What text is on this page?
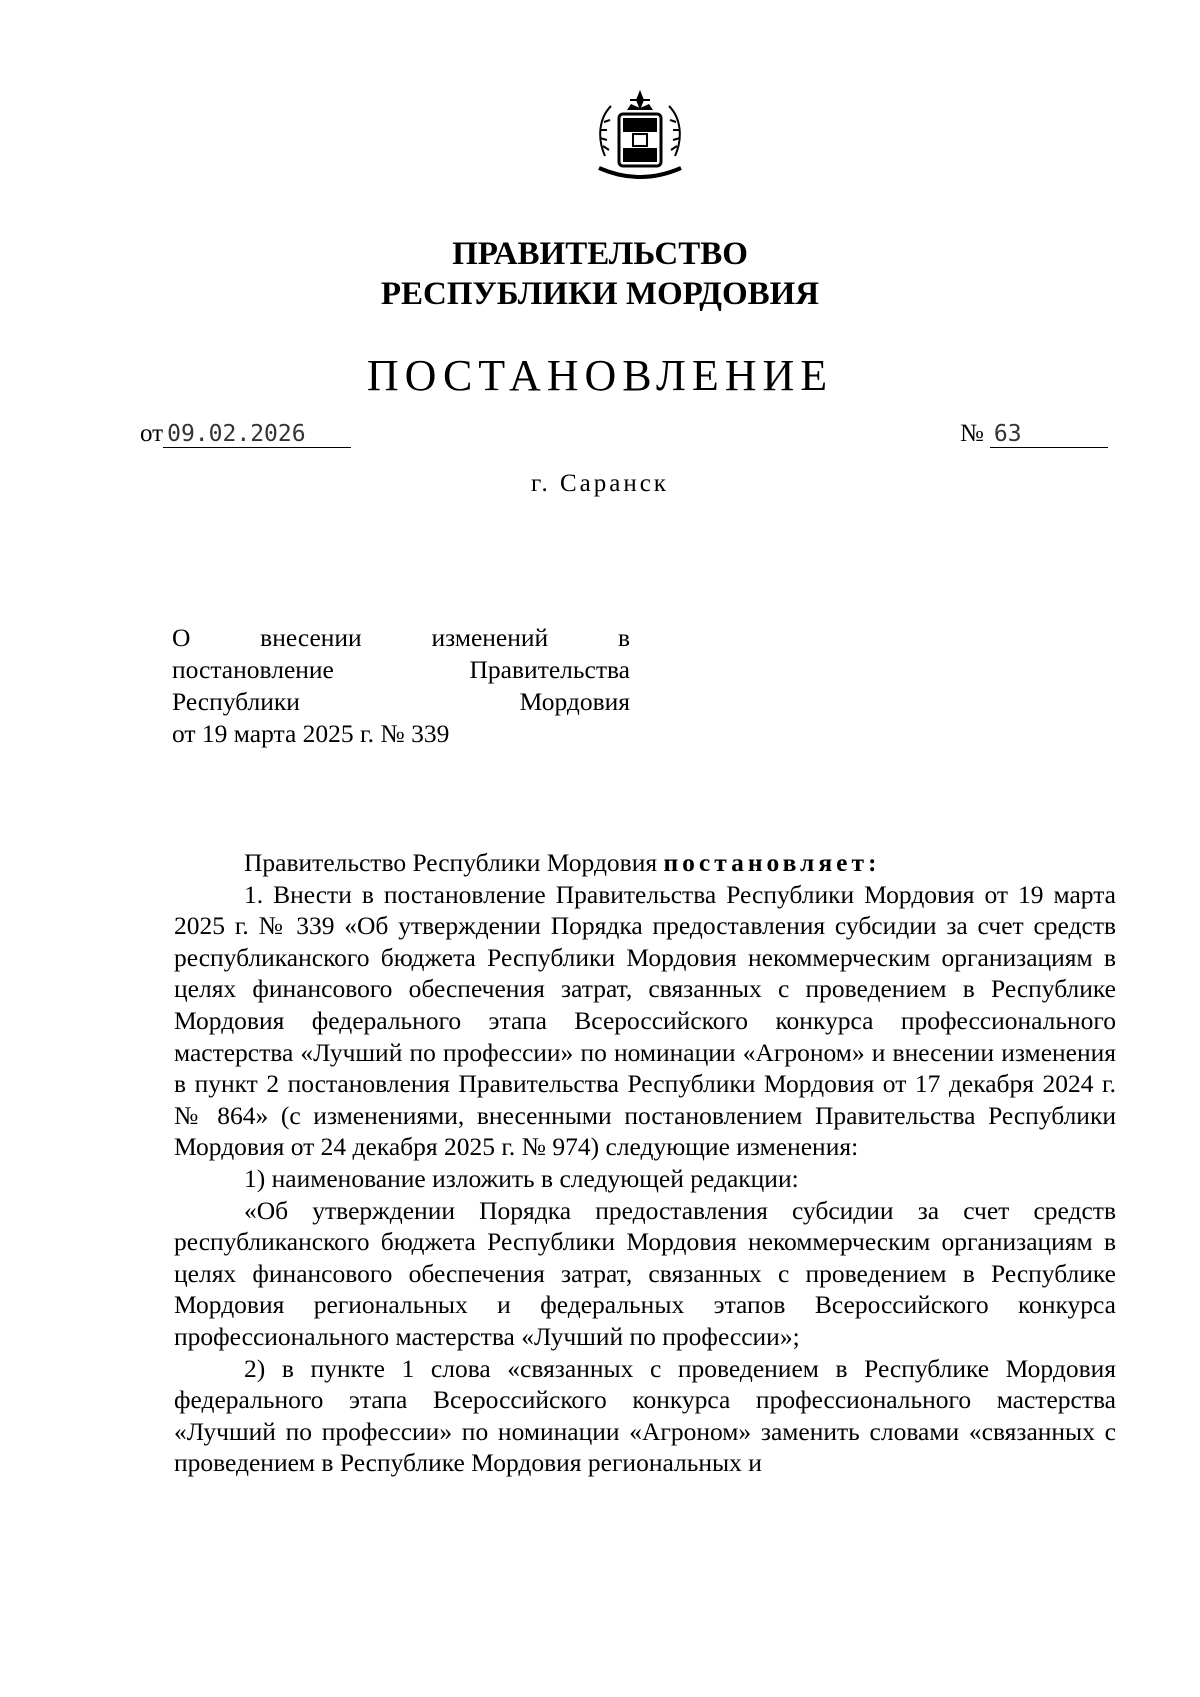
ПРАВИТЕЛЬСТВО
РЕСПУБЛИКИ МОРДОВИЯ
ПОСТАНОВЛЕНИЕ
от 09.02.2026	№ 63
г. Саранск
О внесении изменений в
постановление Правительства
Республики Мордовия
от 19 марта 2025 г. № 339

Правительство Республики Мордовия постановляет:

1. Внести в постановление Правительства Республики Мордовия от 19 марта 2025 г. № 339 «Об утверждении Порядка предоставления субсидии за счет средств республиканского бюджета Республики Мордовия некоммерческим организациям в целях финансового обеспечения затрат, связанных с проведением в Республике Мордовия федерального этапа Всероссийского конкурса профессионального мастерства «Лучший по профессии» по номинации «Агроном» и внесении изменения в пункт 2 постановления Правительства Республики Мордовия от 17 декабря 2024 г. № 864» (с изменениями, внесенными постановлением Правительства Республики Мордовия от 24 декабря 2025 г. № 974) следующие изменения:

1) наименование изложить в следующей редакции:

«Об утверждении Порядка предоставления субсидии за счет средств республиканского бюджета Республики Мордовия некоммерческим организациям в целях финансового обеспечения затрат, связанных с проведением в Республике Мордовия региональных и федеральных этапов Всероссийского конкурса профессионального мастерства «Лучший по профессии»;

2) в пункте 1 слова «связанных с проведением в Республике Мордовия федерального этапа Всероссийского конкурса профессионального мастерства «Лучший по профессии» по номинации «Агроном» заменить словами «связанных с проведением в Республике Мордовия региональных и
